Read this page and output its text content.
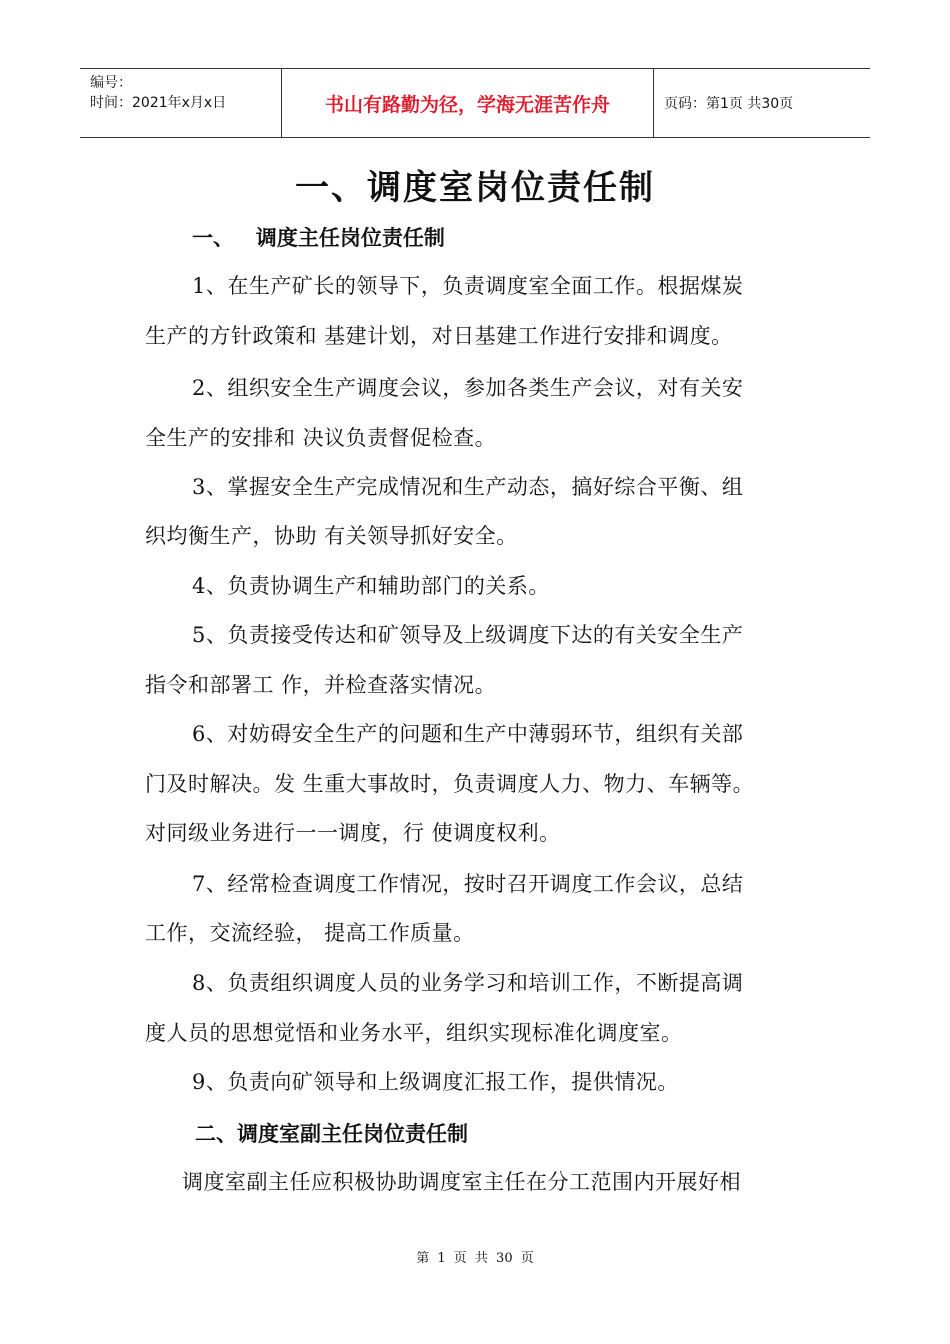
编号：
时间：2021年x月x日	书山有路勤为径，学海无涯苦作舟	页码：第1页 共30页
一、调度室岗位责任制
一、   调度主任岗位责任制
1、在生产矿长的领导下，负责调度室全面工作。根据煤炭
生产的方针政策和 基建计划，对日基建工作进行安排和调度。
2、组织安全生产调度会议，参加各类生产会议，对有关安
全生产的安排和 决议负责督促检查。
3、掌握安全生产完成情况和生产动态，搞好综合平衡、组
织均衡生产，协助 有关领导抓好安全。
4、负责协调生产和辅助部门的关系。
5、负责接受传达和矿领导及上级调度下达的有关安全生产
指令和部署工 作，并检查落实情况。
6、对妨碍安全生产的问题和生产中薄弱环节，组织有关部
门及时解决。发 生重大事故时，负责调度人力、物力、车辆等。
对同级业务进行一一调度，行 使调度权利。
7、经常检查调度工作情况，按时召开调度工作会议，总结
工作，交流经验， 提高工作质量。
8、负责组织调度人员的业务学习和培训工作，不断提高调
度人员的思想觉悟和业务水平，组织实现标准化调度室。
9、负责向矿领导和上级调度汇报工作，提供情况。
二、调度室副主任岗位责任制
调度室副主任应积极协助调度室主任在分工范围内开展好相
第 1 页 共 30 页
